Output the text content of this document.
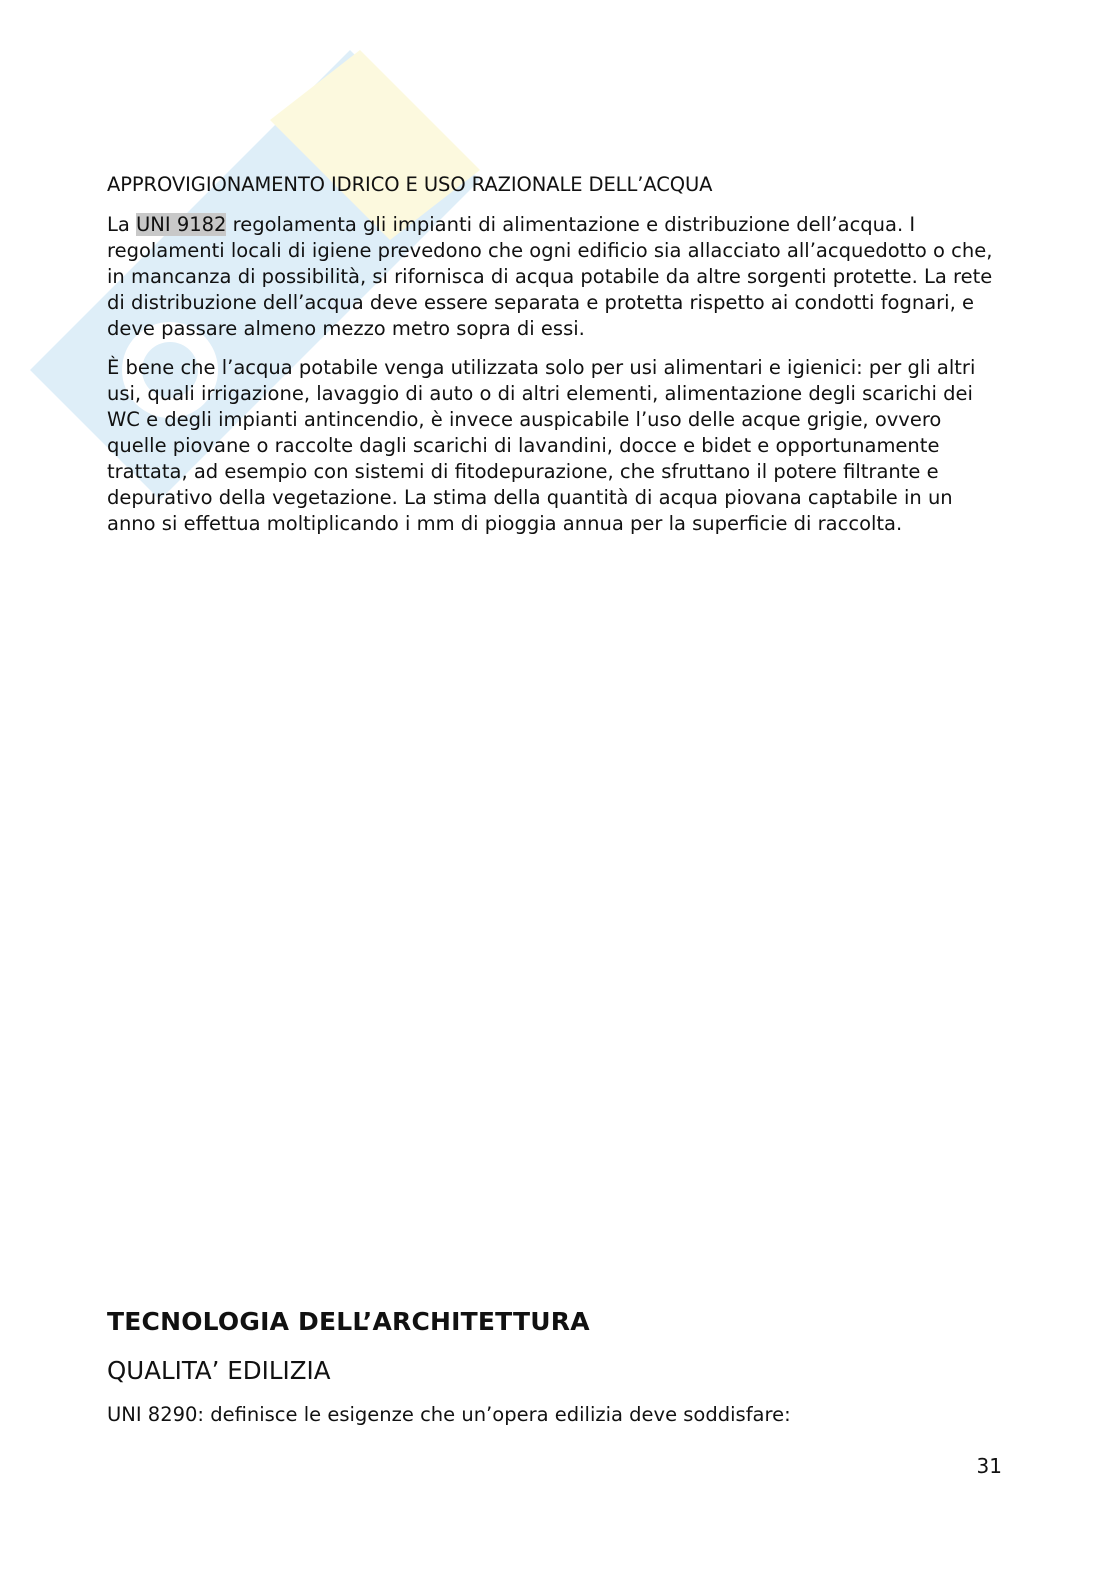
APPROVIGIONAMENTO IDRICO E USO RAZIONALE DELL’ACQUA

La UNI 9182 regolamenta gli impianti di alimentazione e distribuzione dell’acqua. I regolamenti locali di igiene prevedono che ogni edificio sia allacciato all’acquedotto o che, in mancanza di possibilità, si rifornisca di acqua potabile da altre sorgenti protette. La rete di distribuzione dell’acqua deve essere separata e protetta rispetto ai condotti fognari, e deve passare almeno mezzo metro sopra di essi.

È bene che l’acqua potabile venga utilizzata solo per usi alimentari e igienici: per gli altri usi, quali irrigazione, lavaggio di auto o di altri elementi, alimentazione degli scarichi dei WC e degli impianti antincendio, è invece auspicabile l’uso delle acque grigie, ovvero quelle piovane o raccolte dagli scarichi di lavandini, docce e bidet e opportunamente trattata, ad esempio con sistemi di fitodepurazione, che sfruttano il potere filtrante e depurativo della vegetazione. La stima della quantità di acqua piovana captabile in un anno si effettua moltiplicando i mm di pioggia annua per la superficie di raccolta.

TECNOLOGIA DELL’ARCHITETTURA
QUALITA’ EDILIZIA
UNI 8290: definisce le esigenze che un’opera edilizia deve soddisfare:
31
